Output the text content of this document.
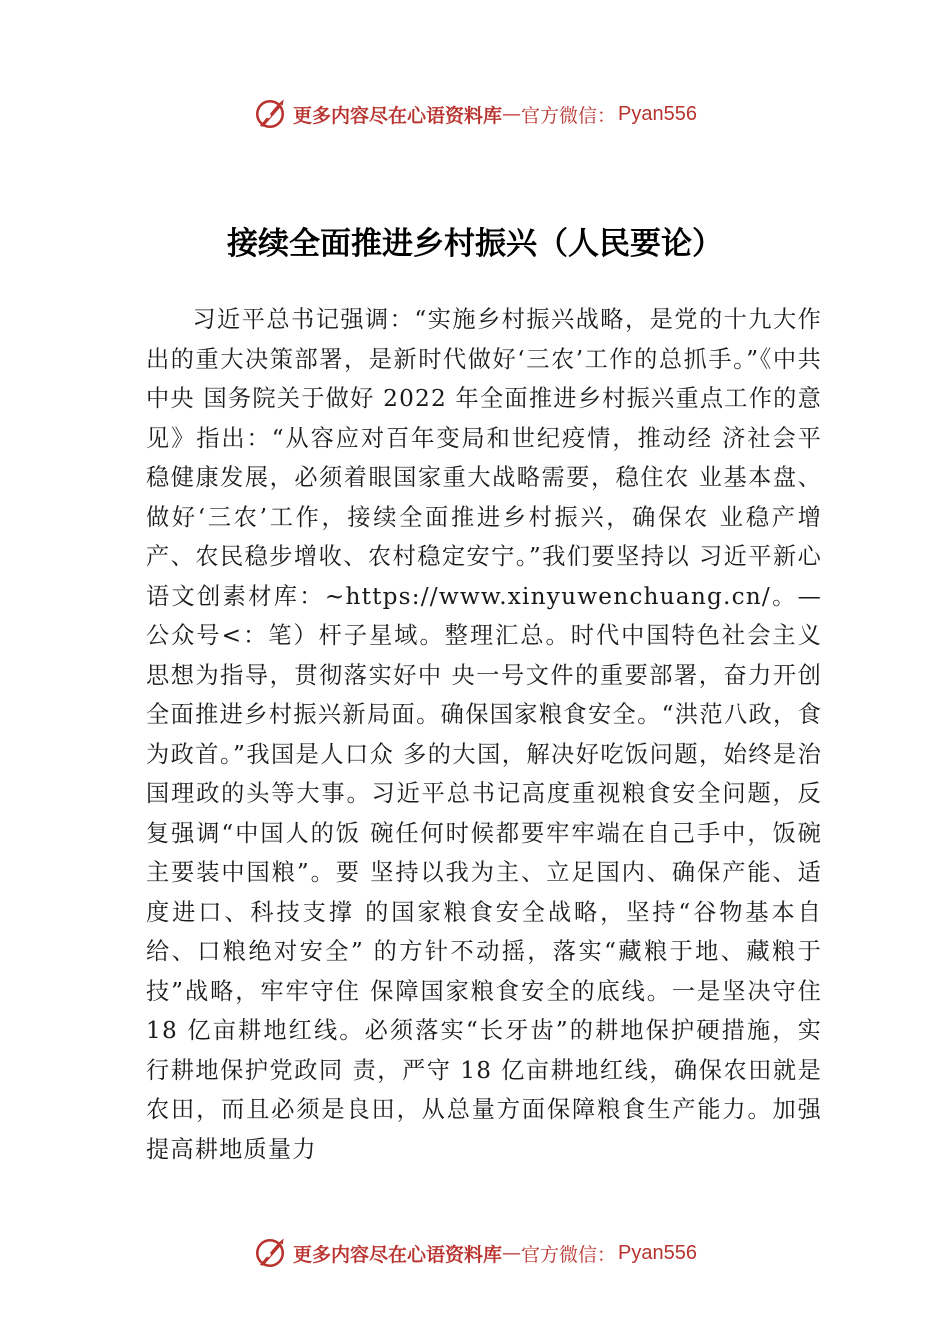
更多内容尽在心语资料库 — 官方微信： Pyan556
接续全面推进乡村振兴（人民要论）

习近平总书记强调：“实施乡村振兴战略，是党的十九大作出的重大决策部署，是新时代做好‘三农’工作的总抓手。”《中共中央 国务院关于做好 2022 年全面推进乡村振兴重点工作的意见》指出：“从容应对百年变局和世纪疫情，推动经 济社会平稳健康发展，必须着眼国家重大战略需要，稳住农 业基本盘、做好‘三农’工作，接续全面推进乡村振兴，确保农 业稳产增产、农民稳步增收、农村稳定安宁。”我们要坚持以 习近平新心语文创素材库：~https://www.xinyuwenchuang.cn/。—公众号<：笔）杆子星域。整理汇总。时代中国特色社会主义思想为指导，贯彻落实好中 央一号文件的重要部署，奋力开创全面推进乡村振兴新局面。确保国家粮食安全。“洪范八政，食为政首。”我国是人口众 多的大国，解决好吃饭问题，始终是治国理政的头等大事。习近平总书记高度重视粮食安全问题，反复强调“中国人的饭 碗任何时候都要牢牢端在自己手中，饭碗主要装中国粮”。要 坚持以我为主、立足国内、确保产能、适度进口、科技支撑 的国家粮食安全战略，坚持“谷物基本自给、口粮绝对安全” 的方针不动摇，落实“藏粮于地、藏粮于技”战略，牢牢守住 保障国家粮食安全的底线。一是坚决守住 18 亿亩耕地红线。必须落实“长牙齿”的耕地保护硬措施，实行耕地保护党政同 责，严守 18 亿亩耕地红线，确保农田就是农田，而且必须是良田，从总量方面保障粮食生产能力。加强提高耕地质量力

更多内容尽在心语资料库 — 官方微信： Pyan556
